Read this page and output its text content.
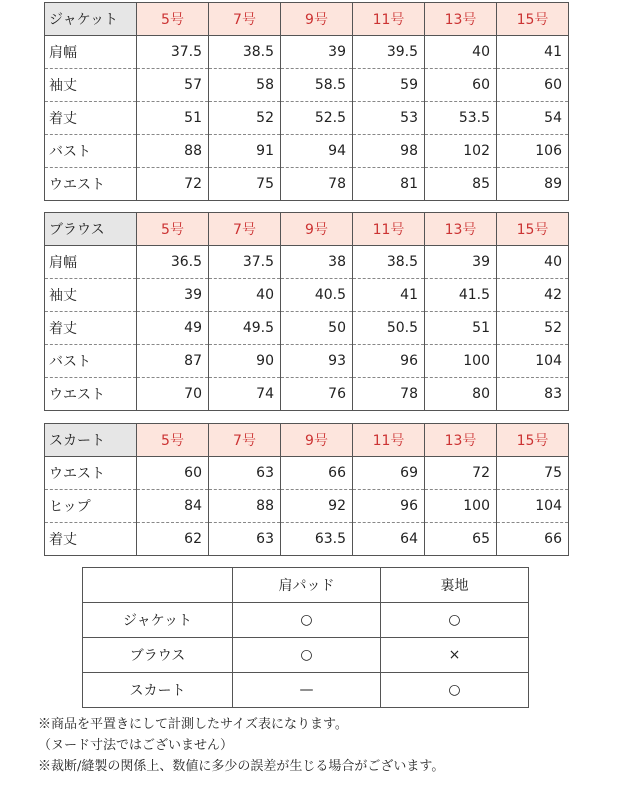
ジャケット	5号	7号	9号	11号	13号	15号
肩幅	37.5	38.5	39	39.5	40	41
袖丈	57	58	58.5	59	60	60
着丈	51	52	52.5	53	53.5	54
バスト	88	91	94	98	102	106
ウエスト	72	75	78	81	85	89
ブラウス	5号	7号	9号	11号	13号	15号
肩幅	36.5	37.5	38	38.5	39	40
袖丈	39	40	40.5	41	41.5	42
着丈	49	49.5	50	50.5	51	52
バスト	87	90	93	96	100	104
ウエスト	70	74	76	78	80	83
スカート	5号	7号	9号	11号	13号	15号
ウエスト	60	63	66	69	72	75
ヒップ	84	88	92	96	100	104
着丈	62	63	63.5	64	65	66
	肩パッド	裏地
ジャケット	○	○
ブラウス	○	×
スカート	—	○
※商品を平置きにして計測したサイズ表になります。
（ヌード寸法ではございません）
※裁断/縫製の関係上、数値に多少の誤差が生じる場合がございます。
